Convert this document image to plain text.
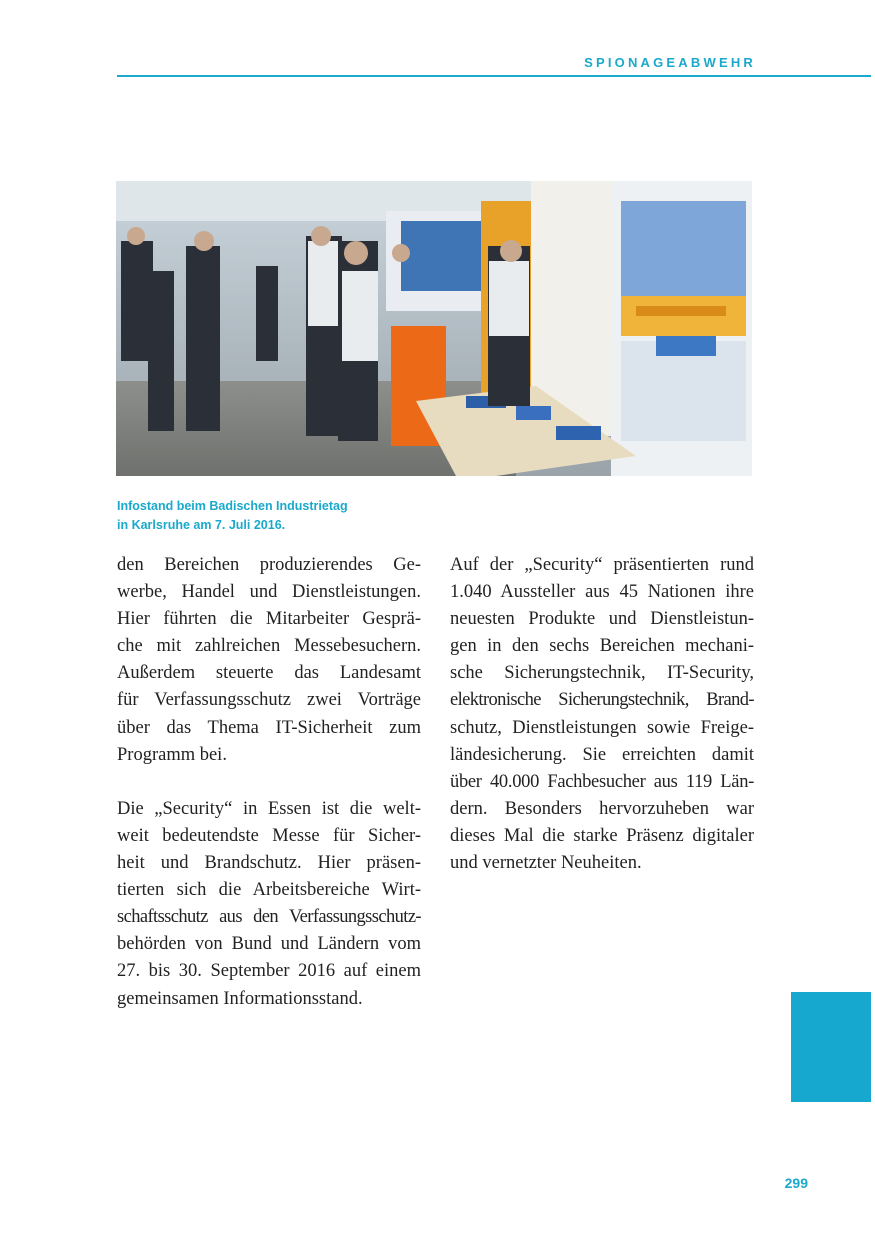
SPIONAGEABWEHR
Infostand beim Badischen Industrietag
in Karlsruhe am 7. Juli 2016.
den Bereichen produzierendes Ge-
werbe, Handel und Dienstleistungen.
Hier führten die Mitarbeiter Gesprä-
che mit zahlreichen Messebesuchern.
Außerdem steuerte das Landesamt
für Verfassungsschutz zwei Vorträge
über das Thema IT-Sicherheit zum
Programm bei.
Die „Security“ in Essen ist die welt-
weit bedeutendste Messe für Sicher-
heit und Brandschutz. Hier präsen-
tierten sich die Arbeitsbereiche Wirt-
schaftsschutz aus den Verfassungsschutz-
behörden von Bund und Ländern vom
27. bis 30. September 2016 auf einem
gemeinsamen Informationsstand.
Auf der „Security“ präsentierten rund
1.040 Aussteller aus 45 Nationen ihre
neuesten Produkte und Dienstleistun-
gen in den sechs Bereichen mechani-
sche Sicherungstechnik, IT-Security,
elektronische Sicherungstechnik, Brand-
schutz, Dienstleistungen sowie Freige-
ländesicherung. Sie erreichten damit
über 40.000 Fachbesucher aus 119 Län-
dern. Besonders hervorzuheben war
dieses Mal die starke Präsenz digitaler
und vernetzter Neuheiten.
299
